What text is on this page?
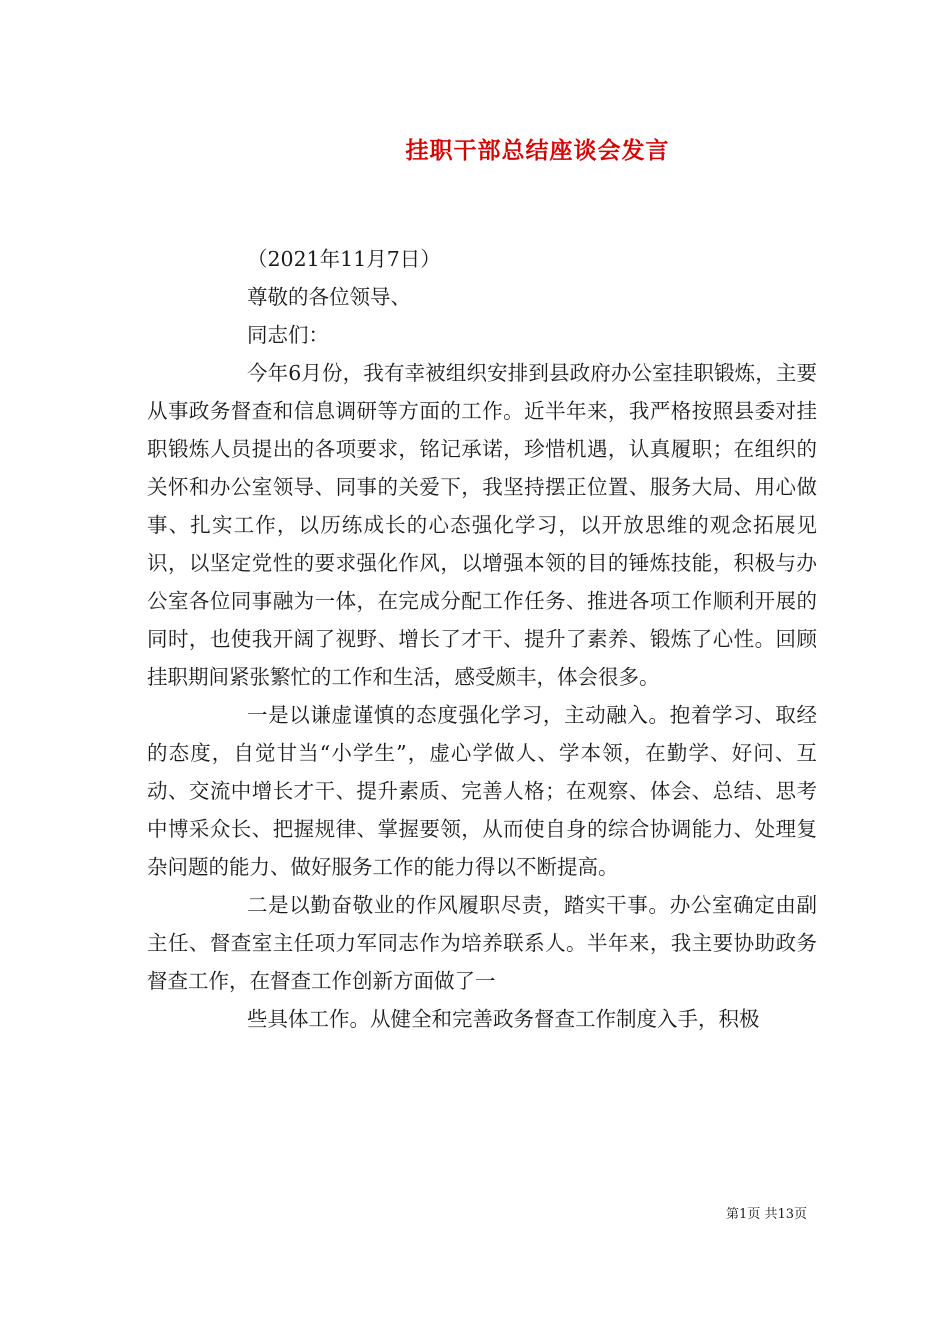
挂职干部总结座谈会发言

（2021年11月7日）

尊敬的各位领导、

同志们：

今年6月份，我有幸被组织安排到县政府办公室挂职锻炼，主要从事政务督查和信息调研等方面的工作。近半年来，我严格按照县委对挂职锻炼人员提出的各项要求，铭记承诺，珍惜机遇，认真履职；在组织的关怀和办公室领导、同事的关爱下，我坚持摆正位置、服务大局、用心做事、扎实工作，以历练成长的心态强化学习，以开放思维的观念拓展见识，以坚定党性的要求强化作风，以增强本领的目的锤炼技能，积极与办公室各位同事融为一体，在完成分配工作任务、推进各项工作顺利开展的同时，也使我开阔了视野、增长了才干、提升了素养、锻炼了心性。回顾挂职期间紧张繁忙的工作和生活，感受颇丰，体会很多。

一是以谦虚谨慎的态度强化学习，主动融入。抱着学习、取经的态度，自觉甘当“小学生”，虚心学做人、学本领，在勤学、好问、互动、交流中增长才干、提升素质、完善人格；在观察、体会、总结、思考中博采众长、把握规律、掌握要领，从而使自身的综合协调能力、处理复杂问题的能力、做好服务工作的能力得以不断提高。

二是以勤奋敬业的作风履职尽责，踏实干事。办公室确定由副主任、督查室主任项力军同志作为培养联系人。半年来，我主要协助政务督查工作，在督查工作创新方面做了一

些具体工作。从健全和完善政务督查工作制度入手，积极

第1页 共13页
